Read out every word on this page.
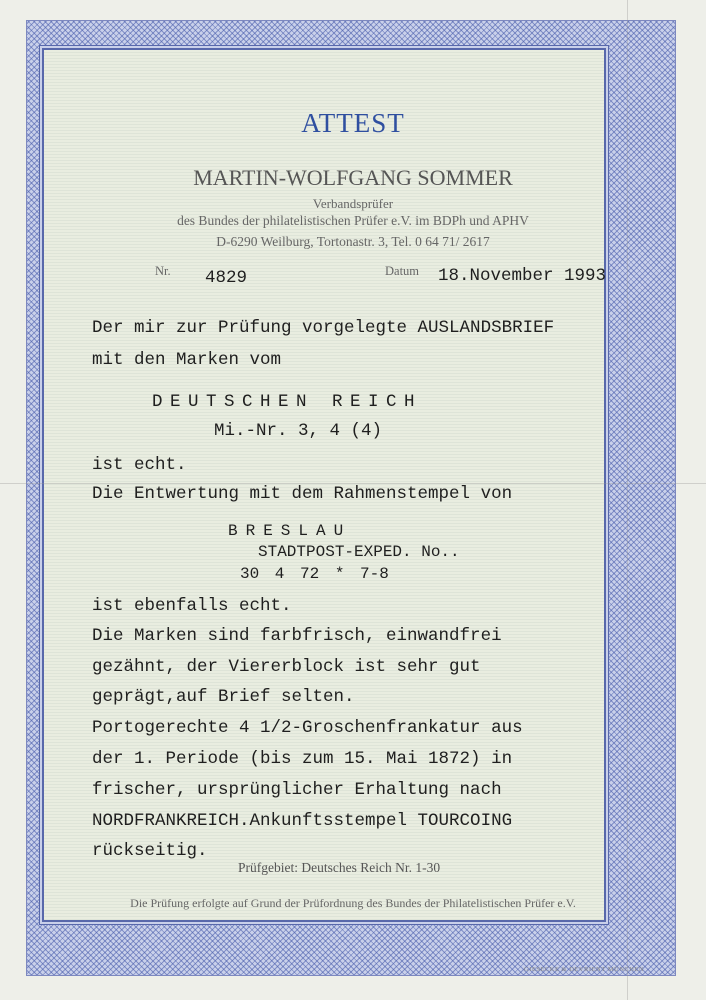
ATTEST
MARTIN-WOLFGANG SOMMER
Verbandsprüfer
des Bundes der philatelistischen Prüfer e.V. im BDPh und APHV
D-6290 Weilburg, Tortonastr. 3, Tel. 0 64 71/ 2617
Nr. 4829	Datum 18.November 1993
Der mir zur Prüfung vorgelegte AUSLANDSBRIEF
mit den Marken vom
DEUTSCHEN REICH
Mi.-Nr. 3, 4 (4)
ist echt.
Die Entwertung mit dem Rahmenstempel von
BRESLAU
STADTPOST-EXPED. No..
30 4 72 * 7-8
ist ebenfalls echt.
Die Marken sind farbfrisch, einwandfrei
gezähnt, der Viererblock ist sehr gut
geprägt,auf Brief selten.
Portogerechte 4 1/2-Groschenfrankatur aus
der 1. Periode (bis zum 15. Mai 1872) in
frischer, ursprünglicher Erhaltung nach
NORDFRANKREICH.Ankunftsstempel TOURCOING
rückseitig.
Prüfgebiet: Deutsches Reich Nr. 1-30
Die Prüfung erfolgte auf Grund der Prüfordnung des Bundes der Philatelistischen Prüfer e.V.
GIESECKE & DEVRIENT MÜNCHEN
